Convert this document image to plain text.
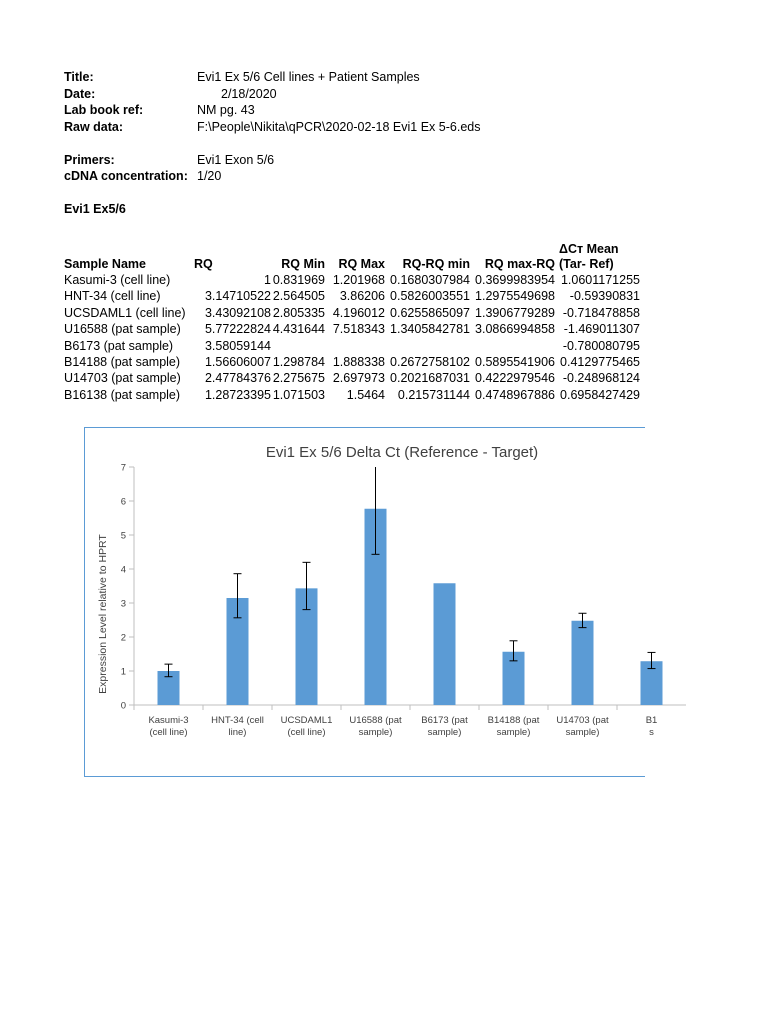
Title:	Evi1 Ex 5/6 Cell lines + Patient Samples
Date:	2/18/2020
Lab book ref:	NM pg. 43
Raw data:	F:\People\Nikita\qPCR\2020-02-18 Evi1 Ex 5-6.eds
Primers:	Evi1 Exon 5/6
cDNA concentration: 1/20
Evi1 Ex5/6
Sample Name	RQ	RQ Min	RQ Max	RQ-RQ min	RQ max-RQ	ΔCт Mean
(Tar- Ref)

Kasumi-3 (cell line)	1	0.831969	1.201968	0.1680307984	0.3699983954	1.0601171255
HNT-34 (cell line)	3.14710522	2.564505	3.86206	0.5826003551	1.2975549698	-0.59390831
UCSDAML1 (cell line)	3.43092108	2.805335	4.196012	0.6255865097	1.3906779289	-0.718478858
U16588 (pat sample)	5.77222824	4.431644	7.518343	1.3405842781	3.0866994858	-1.469011307
B6173 (pat sample)	3.58059144					-0.780080795
B14188 (pat sample)	1.56606007	1.298784	1.888338	0.2672758102	0.5895541906	0.4129775465
U14703 (pat sample)	2.47784376	2.275675	2.697973	0.2021687031	0.4222979546	-0.248968124
B16138 (pat sample)	1.28723395	1.071503	1.5464	0.215731144	0.4748967886	0.6958427429
Evi1 Ex 5/6 Delta Ct (Reference - Target)
Expression Level relative to HPRT
0
1
2
3
4
5
6
7
Kasumi-3
(cell line)
HNT-34 (cell
line)
UCSDAML1
(cell line)
U16588 (pat
sample)
B6173 (pat
sample)
B14188 (pat
sample)
U14703 (pat
sample)
B1
s
